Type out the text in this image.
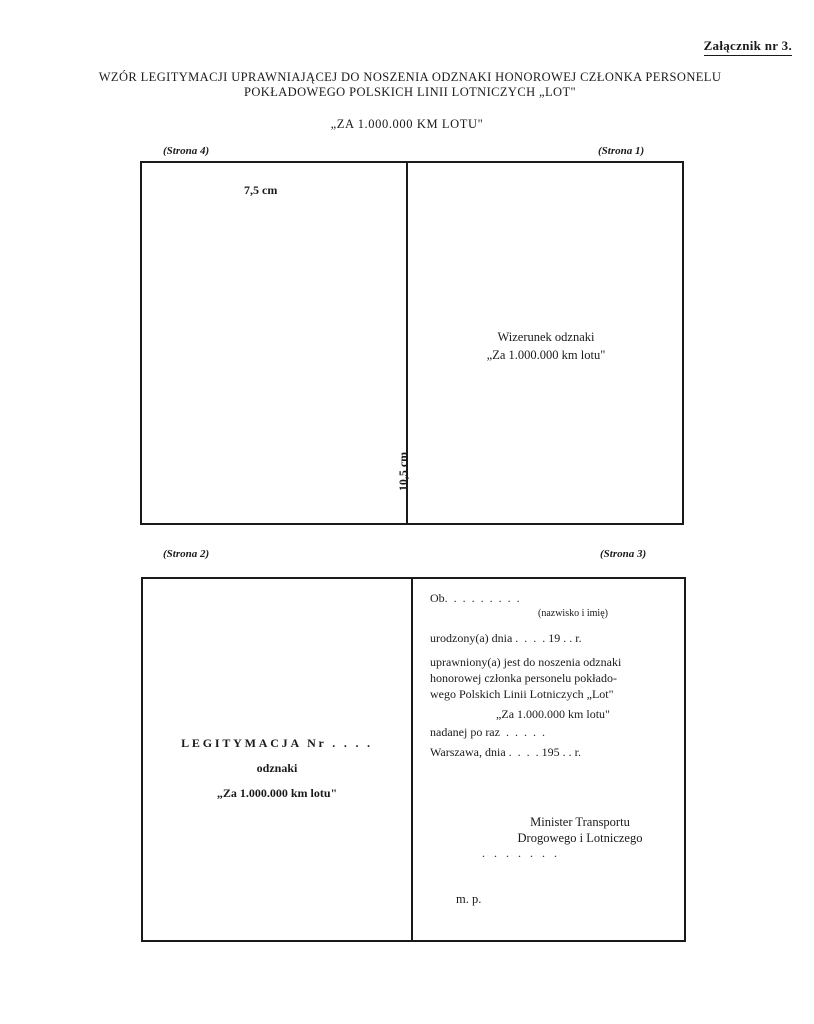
Załącznik nr 3.
WZÓR LEGITYMACJI UPRAWNIAJĄCEJ DO NOSZENIA ODZNAKI HONOROWEJ CZŁONKA PERSONELU
POKŁADOWEGO POLSKICH LINII LOTNICZYCH „LOT"
„ZA 1.000.000 KM LOTU"
(Strona 4)	(Strona 1)
7,5 cm
10,5 cm
Wizerunek odznaki
„Za 1.000.000 km lotu"
(Strona 2)	(Strona 3)
LEGITYMACJA Nr . . . .
odznaki
„Za 1.000.000 km lotu"
Ob.  .  .  .  .  .  .  .  .
(nazwisko i imię)
urodzony(a) dnia .  .  .  . 19 . . r.
uprawniony(a) jest do noszenia odznaki
honorowej członka personelu pokłado-
wego Polskich Linii Lotniczych „Lot"
„Za 1.000.000 km lotu"
nadanej po raz  .  .  .  .  .
Warszawa, dnia .  .  .  . 195 . . r.
Minister Transportu
Drogowego i Lotniczego
.  .  .  .  .  .  .
m. p.
